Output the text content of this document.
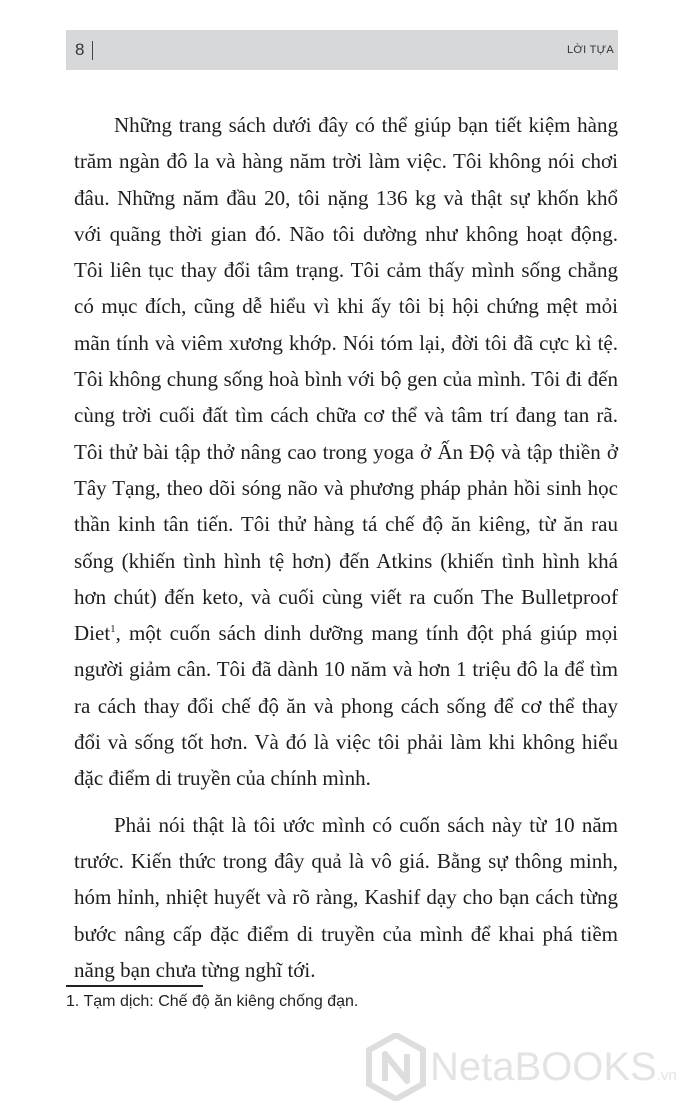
8	LỜI TỰA

Những trang sách dưới đây có thể giúp bạn tiết kiệm hàng trăm ngàn đô la và hàng năm trời làm việc. Tôi không nói chơi đâu. Những năm đầu 20, tôi nặng 136 kg và thật sự khốn khổ với quãng thời gian đó. Não tôi dường như không hoạt động. Tôi liên tục thay đổi tâm trạng. Tôi cảm thấy mình sống chẳng có mục đích, cũng dễ hiểu vì khi ấy tôi bị hội chứng mệt mỏi mãn tính và viêm xương khớp. Nói tóm lại, đời tôi đã cực kì tệ. Tôi không chung sống hoà bình với bộ gen của mình. Tôi đi đến cùng trời cuối đất tìm cách chữa cơ thể và tâm trí đang tan rã. Tôi thử bài tập thở nâng cao trong yoga ở Ấn Độ và tập thiền ở Tây Tạng, theo dõi sóng não và phương pháp phản hồi sinh học thần kinh tân tiến. Tôi thử hàng tá chế độ ăn kiêng, từ ăn rau sống (khiến tình hình tệ hơn) đến Atkins (khiến tình hình khá hơn chút) đến keto, và cuối cùng viết ra cuốn The Bulletproof Diet$^1$, một cuốn sách dinh dưỡng mang tính đột phá giúp mọi người giảm cân. Tôi đã dành 10 năm và hơn 1 triệu đô la để tìm ra cách thay đổi chế độ ăn và phong cách sống để cơ thể thay đổi và sống tốt hơn. Và đó là việc tôi phải làm khi không hiểu đặc điểm di truyền của chính mình.

Phải nói thật là tôi ước mình có cuốn sách này từ 10 năm trước. Kiến thức trong đây quả là vô giá. Bằng sự thông minh, hóm hỉnh, nhiệt huyết và rõ ràng, Kashif dạy cho bạn cách từng bước nâng cấp đặc điểm di truyền của mình để khai phá tiềm năng bạn chưa từng nghĩ tới.

1. Tạm dịch: Chế độ ăn kiêng chống đạn.
NetaBOOKS.vn
